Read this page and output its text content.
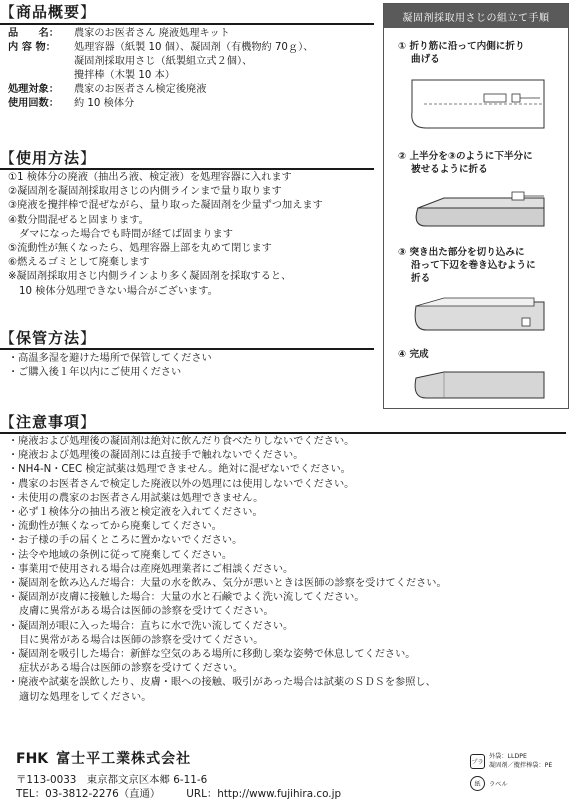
【 商品概要 】
品　　名：	農家のお医者さん 廃液処理キット
内 容 物：	処理容器（紙製 10 個）、凝固剤（有機物約 70ｇ）、
凝固剤採取用さじ（紙製組立式２個）、
攪拌棒（木製 10 本）
処理対象：	農家のお医者さん検定後廃液
使用回数：	約 10 検体分
【 使用方法 】
①1 検体分の廃液（抽出ろ液、検定液）を処理容器に入れます
②凝固剤を凝固剤採取用さじの内側ラインまで量り取ります
③廃液を攪拌棒で混ぜながら、量り取った凝固剤を少量ずつ加えます
④数分間混ぜると固まります。
ダマになった場合でも時間が経てば固まります
⑤流動性が無くなったら、処理容器上部を丸めて閉じます
⑥燃えるゴミとして廃棄します
※凝固剤採取用さじ内側ラインより多く凝固剤を採取すると、
10 検体分処理できない場合がございます。
【 保管方法 】
・高温多湿を避けた場所で保管してください
・ご購入後１年以内にご使用ください
【 注意事項 】
・廃液および処理後の凝固剤は絶対に飲んだり食べたりしないでください。
・廃液および処理後の凝固剤には直接手で触れないでください。
・NH4-N・CEC 検定試薬は処理できません。絶対に混ぜないでください。
・農家のお医者さんで検定した廃液以外の処理には使用しないでください。
・未使用の農家のお医者さん用試薬は処理できません。
・必ず１検体分の抽出ろ液と検定液を入れてください。
・流動性が無くなってから廃棄してください。
・お子様の手の届くところに置かないでください。
・法令や地域の条例に従って廃棄してください。
・事業用で使用される場合は産廃処理業者にご相談ください。
・凝固剤を飲み込んだ場合：大量の水を飲み、気分が悪いときは医師の診察を受けてください。
・凝固剤が皮膚に接触した場合：大量の水と石鹸でよく洗い流してください。
皮膚に異常がある場合は医師の診察を受けてください。
・凝固剤が眼に入った場合：直ちに水で洗い流してください。
目に異常がある場合は医師の診察を受けてください。
・凝固剤を吸引した場合：新鮮な空気のある場所に移動し楽な姿勢で休息してください。
症状がある場合は医師の診察を受けてください。
・廃液や試薬を誤飲したり、皮膚・眼への接触、吸引があった場合は試薬のＳＤＳを参照し、
適切な処理をしてください。
凝固剤採取用さじの組立て手順
① 折り筋に沿って内側に折り
曲げる
② 上半分を③のように下半分に
被せるように折る
③ 突き出た部分を切り込みに
沿って下辺を巻き込むように
折る
④ 完成
FHK 富士平工業株式会社
〒113-0033　東京都文京区本郷 6-11-6
TEL：03-3812-2276（直通）	URL：http://www.fujihira.co.jp
プラ
外袋：LLDPE
凝固剤／攪拌棒袋：PE
紙	ラベル
